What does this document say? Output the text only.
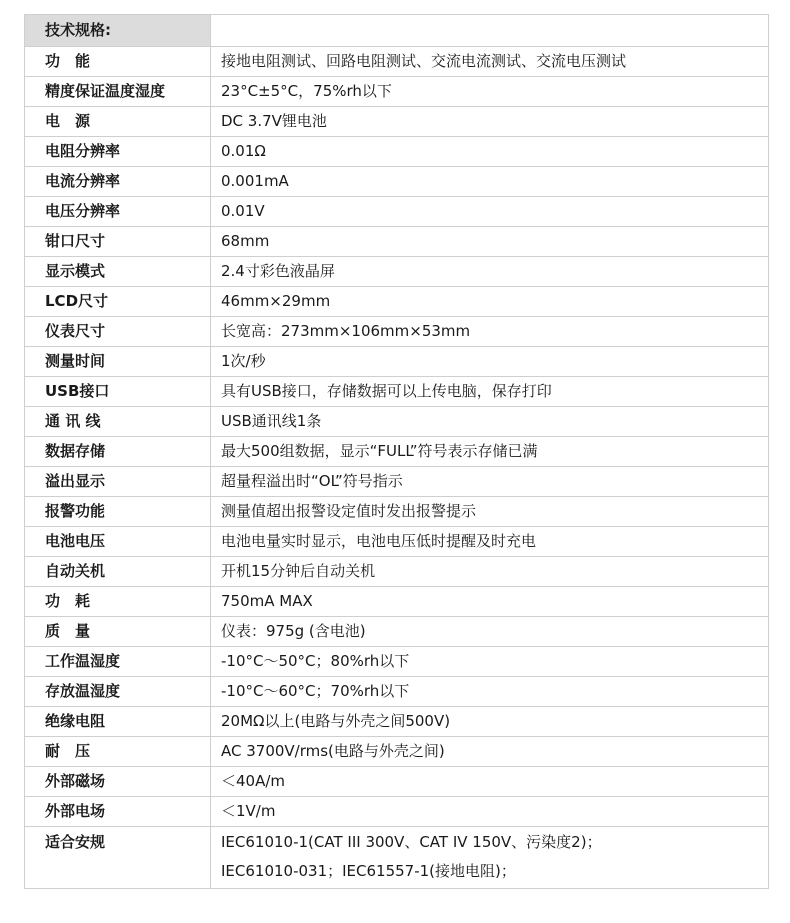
技术规格:	
功　能	接地电阻测试、回路电阻测试、交流电流测试、交流电压测试
精度保证温度湿度	23°C±5°C，75%rh以下
电　源	DC 3.7V锂电池
电阻分辨率	0.01Ω
电流分辨率	0.001mA
电压分辨率	0.01V
钳口尺寸	68mm
显示模式	2.4寸彩色液晶屏
LCD尺寸	46mm×29mm
仪表尺寸	长宽高：273mm×106mm×53mm
测量时间	1次/秒
USB接口	具有USB接口，存储数据可以上传电脑，保存打印
通 讯 线	USB通讯线1条
数据存储	最大500组数据，显示“FULL”符号表示存储已满
溢出显示	超量程溢出时“OL”符号指示
报警功能	测量值超出报警设定值时发出报警提示
电池电压	电池电量实时显示，电池电压低时提醒及时充电
自动关机	开机15分钟后自动关机
功　耗	750mA MAX
质　量	仪表：975g (含电池)
工作温湿度	-10°C～50°C；80%rh以下
存放温湿度	-10°C～60°C；70%rh以下
绝缘电阻	20MΩ以上(电路与外壳之间500V)
耐　压	AC 3700V/rms(电路与外壳之间)
外部磁场	＜40A/m
外部电场	＜1V/m
适合安规	IEC61010-1(CAT III 300V、CAT IV 150V、污染度2)；
IEC61010-031；IEC61557-1(接地电阻)；
